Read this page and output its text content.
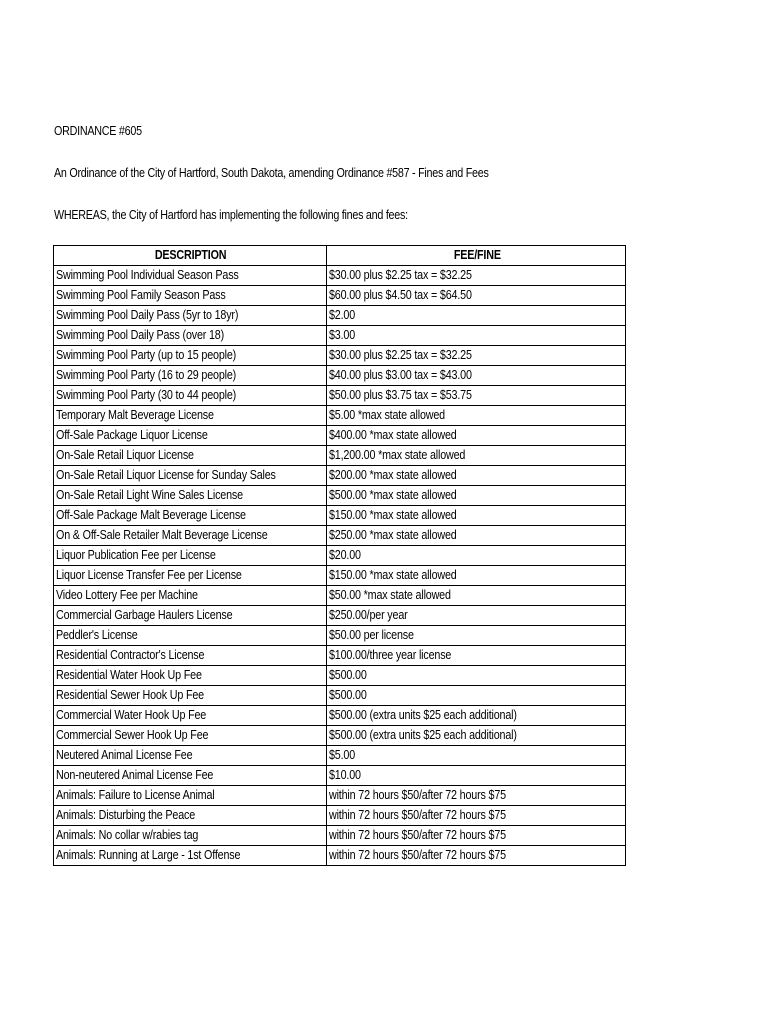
ORDINANCE #605
An Ordinance of the City of Hartford, South Dakota, amending Ordinance #587 - Fines and Fees
WHEREAS, the City of Hartford has implementing the following fines and fees:
DESCRIPTION	FEE/FINE
Swimming Pool Individual Season Pass	$30.00 plus $2.25 tax = $32.25
Swimming Pool Family Season Pass	$60.00 plus $4.50 tax = $64.50
Swimming Pool Daily Pass (5yr to 18yr)	$2.00
Swimming Pool Daily Pass (over 18)	$3.00
Swimming Pool Party (up to 15 people)	$30.00 plus $2.25 tax = $32.25
Swimming Pool Party (16 to 29 people)	$40.00 plus $3.00 tax = $43.00
Swimming Pool Party (30 to 44 people)	$50.00 plus $3.75 tax = $53.75
Temporary Malt Beverage License	$5.00 *max state allowed
Off-Sale Package Liquor License	$400.00 *max state allowed
On-Sale Retail Liquor License	$1,200.00 *max state allowed
On-Sale Retail Liquor License for Sunday Sales	$200.00 *max state allowed
On-Sale Retail Light Wine Sales License	$500.00 *max state allowed
Off-Sale Package Malt Beverage License	$150.00 *max state allowed
On & Off-Sale Retailer Malt Beverage License	$250.00 *max state allowed
Liquor Publication Fee per License	$20.00
Liquor License Transfer Fee per License	$150.00 *max state allowed
Video Lottery Fee per Machine	$50.00 *max state allowed
Commercial Garbage Haulers License	$250.00/per year
Peddler's License	$50.00 per license
Residential Contractor's License	$100.00/three year license
Residential Water Hook Up Fee	$500.00
Residential Sewer Hook Up Fee	$500.00
Commercial Water Hook Up Fee	$500.00 (extra units $25 each additional)
Commercial Sewer Hook Up Fee	$500.00 (extra units $25 each additional)
Neutered Animal License Fee	$5.00
Non-neutered Animal License Fee	$10.00
Animals: Failure to License Animal	within 72 hours $50/after 72 hours $75
Animals: Disturbing the Peace	within 72 hours $50/after 72 hours $75
Animals: No collar w/rabies tag	within 72 hours $50/after 72 hours $75
Animals: Running at Large - 1st Offense	within 72 hours $50/after 72 hours $75
